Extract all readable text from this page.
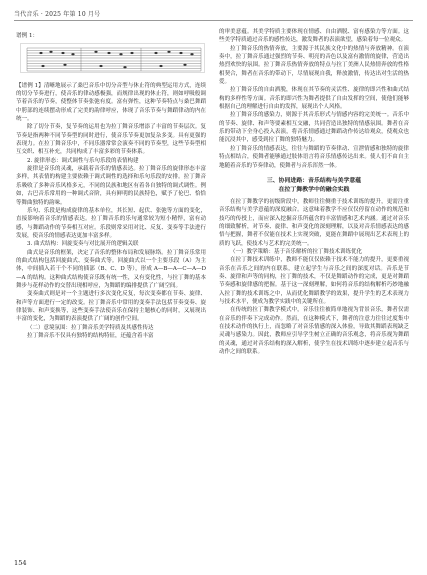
当代音乐 · 2025 年第 10 月号
谱例 1：

【谱例 1】清晰地展示了桑巴音乐中切分音型与休止符的典型运用方式，连续的切分节奏进行，使音乐的律动感极强，而规律出现的休止符，则如呼吸般调节着音乐的节奏，使整体节奏张弛有度。富有弹性，这种节奏特点与桑巴舞蹈中胯部的连续摆动形成了完美的韵律呼应，体现了音乐节奏与舞蹈律动的内在统一。

除了切分节奏，复节奏的运用也为拉丁舞音乐增添了丰富的节奏层次。复节奏是指两种不同节奏型的同时进行，使音乐节奏更加复杂多变。具有更强的表现力。在拉丁舞音乐中，不同乐器常常会演奏不同的节奏型，这些节奏型相互交织、相互补充，共同构成了丰富多彩的节奏体系。

2. 旋律形态：调式调性与乐句乐段的表情构建

旋律是音乐的灵魂，承载着音乐的情感表达。拉丁舞音乐的旋律形态丰富多样，其表情的构建主要依赖于调式调性的选择和乐句乐段的安排。拉丁舞音乐吸收了多种音乐风格多元，不同的民族和地区有着各自独特的调式调性。例如，古巴音乐常用的一种调式音阶，具有鲜明的民族特色，赋予了伦巴、恰恰等舞曲独特的韵味。

乐句、乐段是构成旋律的基本单位，其长短、起伏、张弛等方面的变化，直接影响着音乐的情感表达。拉丁舞音乐的乐句通常较为短小精悍，富有动感，与舞蹈动作的节奏相互对应。乐段则常采用对比、反复、变奏等手法进行发展，使音乐的情感表达更加丰富多样。

3. 曲式结构：回旋变奏与对比展开的逻辑关联

曲式是音乐的框架，决定了音乐的整体布局和发展脉络。拉丁舞音乐常用的曲式结构包括回旋曲式、变奏曲式等。回旋曲式以一个主要乐段（A）为主体，中间插入若干个不同的插部（B、C、D 等），形成 A—B—A—C—A—D—A 的结构。这种曲式结构使音乐既有统一性，又有变化性，与拉丁舞的基本舞步与花样动作的交替出现相呼应，为舞蹈的编排提供了广阔空间。

变奏曲式则是对一个主题进行多次变化反复，每次变奏都在节奏、旋律、和声等方面进行一定的改变。拉丁舞音乐中常用的变奏手法包括节奏变奏、旋律装饰、和声变换等，这些变奏手法使音乐在保持主题核心的同时，又展现出丰富的变化，为舞蹈的表演提供了广阔的创作空间。

（二）意境氛围：拉丁舞音乐美学特质及其感性传达

拉丁舞音乐不仅具有独特的结构特征，还蕴含着丰富

的审美意蕴。其美学特质主要体现在情感、自由洒脱、富有感染力等方面。这些美学特质通过音乐的感性传达，激发舞者的表演欲望，感染着每一位观众。

拉丁舞音乐的热情奔放，主要源于其民族文化中的热情与奔放精神。在演奏中，拉丁舞音乐通过强烈的节奏、明亮的音色以及富有激情的旋律，营造出热烈欢快的氛围。拉丁舞音乐热情奔放的特点与拉丁美洲人民热情奔放的性格相契合，舞者在音乐的带动下，尽情展现自我，释放激情，传达出对生活的热爱。

拉丁舞音乐的自由洒脱，体现在其节奏的灵活性、旋律的即兴性和曲式结构的多样性等方面。音乐的即兴性为舞者提供了自由发挥的空间，使他们能够根据自己的理解进行自由的发挥，展现出个人风格。

拉丁舞音乐的感染力，则源于其音乐形式与情感内容的完美统一。音乐中的节奏、旋律、和声等要素相互交融，共同营造出独特的情感氛围。舞者在音乐的带动下全身心投入表演，将音乐情感通过舞蹈动作传达给观众，使观众也能沉浸其中，感受到拉丁舞的独特魅力。

拉丁舞音乐的情感表达，往往与舞蹈的节奏律动、宣泄情感和独特的旋律特点相结合，使舞者能够通过肢体语言将音乐情感传达出来。使人们不由自主地随着音乐的节奏律动，使舞者与音乐浑然一体。

三、协同进路：音乐结构与美学意蕴
在拉丁舞教学中的融合实践

在拉丁舞教学的初级阶段中，教师往往侧重于技术训练的提升，更需注重音乐结构与美学意蕴的深度融合。这意味着教学不应仅仅停留在动作的规范和技巧的传授上，而应深入挖掘音乐所蕴含的丰富情感和艺术内涵。通过对音乐的细致解析，对节奏、旋律、和声变化的深刻理解，以及对音乐情感表达的感悟与把握，舞者不仅能在技术上实现突破，更能在舞蹈中展现出艺术表现上的质的飞跃，使技术与艺术的完美统一。

（一）教学策略：基于音乐解析的拉丁舞技术训练优化

在拉丁舞技术训练中，教师不能仅仅依赖于技术不能力的提升，更要重视音乐在音乐之间的内在联系，建立起学生与音乐之间的深度对话。音乐是节奏、旋律和声等的同构，拉丁舞的技术，不仅是舞蹈动作的完成，更是对舞蹈节奏感和旋律感的把握。基于这一深刻理解，如何将音乐的结构解析巧妙地融入拉丁舞的技术训练之中，从而优化舞蹈教学的效果，提升学生的艺术表现力与技术水平，便成为教学实践中的关键所在。

在传统的拉丁舞教学模式中，音乐往往被简单地视为背景音乐，舞者仅需在音乐的伴奏下完成动作。然而，在这种模式下，舞者的注意力往往过度集中在技术动作的执行上，而忽略了对音乐情感的深入体验，导致其舞蹈表现缺乏灵魂与感染力。因此，教师应引导学生树立正确的音乐观念，将音乐视为舞蹈的灵魂，通过对音乐结构的深入解析，使学生在技术训练中逐步建立起音乐与动作之间的联系。

154
